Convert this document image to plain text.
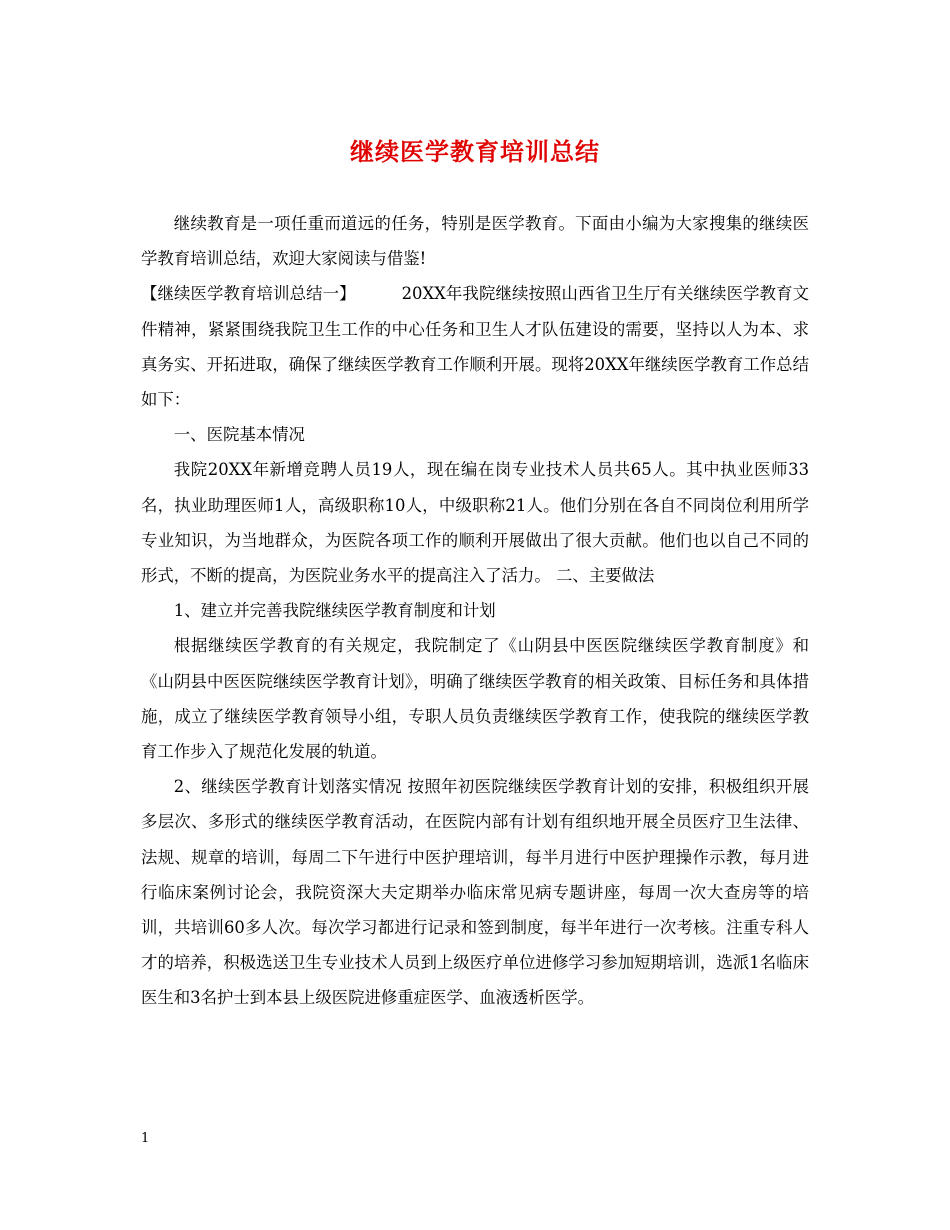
继续医学教育培训总结

继续教育是一项任重而道远的任务，特别是医学教育。下面由小编为大家搜集的继续医学教育培训总结，欢迎大家阅读与借鉴!

【继续医学教育培训总结一】	20XX年我院继续按照山西省卫生厅有关继续医学教育文件精神，紧紧围绕我院卫生工作的中心任务和卫生人才队伍建设的需要，坚持以人为本、求真务实、开拓进取，确保了继续医学教育工作顺利开展。现将20XX年继续医学教育工作总结如下：

一、医院基本情况

我院20XX年新增竞聘人员19人，现在编在岗专业技术人员共65人。其中执业医师33名，执业助理医师1人，高级职称10人，中级职称21人。他们分别在各自不同岗位利用所学专业知识，为当地群众，为医院各项工作的顺利开展做出了很大贡献。他们也以自己不同的形式，不断的提高，为医院业务水平的提高注入了活力。 二、主要做法

1、建立并完善我院继续医学教育制度和计划

根据继续医学教育的有关规定，我院制定了《山阴县中医医院继续医学教育制度》和《山阴县中医医院继续医学教育计划》，明确了继续医学教育的相关政策、目标任务和具体措施，成立了继续医学教育领导小组，专职人员负责继续医学教育工作，使我院的继续医学教育工作步入了规范化发展的轨道。

2、继续医学教育计划落实情况 按照年初医院继续医学教育计划的安排，积极组织开展多层次、多形式的继续医学教育活动，在医院内部有计划有组织地开展全员医疗卫生法律、法规、规章的培训，每周二下午进行中医护理培训，每半月进行中医护理操作示教，每月进行临床案例讨论会，我院资深大夫定期举办临床常见病专题讲座，每周一次大查房等的培训，共培训60多人次。每次学习都进行记录和签到制度，每半年进行一次考核。注重专科人才的培养，积极选送卫生专业技术人员到上级医疗单位进修学习参加短期培训，选派1名临床医生和3名护士到本县上级医院进修重症医学、血液透析医学。

1
